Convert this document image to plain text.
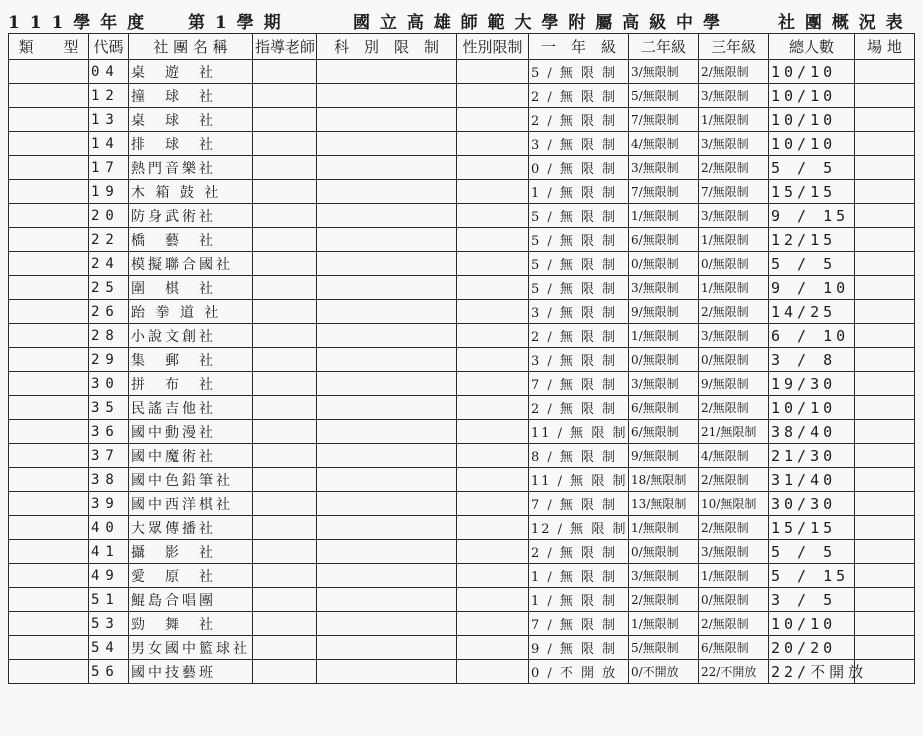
1 1 1 學 年 度 第 1 學 期	國 立 高 雄 師 範 大 學 附 屬 高 級 中 學	社 團 概 況 表
類　　型	代碼	社 團 名 稱	指導老師	科　別　限　制	性別限制	一　年　級	二年級	三年級	總人數	場 地
	04	桌　遊　社				5 / 無 限 制	3/無限制	2/無限制	10/10	
	12	撞　球　社				2 / 無 限 制	5/無限制	3/無限制	10/10	
	13	桌　球　社				2 / 無 限 制	7/無限制	1/無限制	10/10	
	14	排　球　社				3 / 無 限 制	4/無限制	3/無限制	10/10	
	17	熱門音樂社				0 / 無 限 制	3/無限制	2/無限制	5 / 5	
	19	木 箱 鼓 社				1 / 無 限 制	7/無限制	7/無限制	15/15	
	20	防身武術社				5 / 無 限 制	1/無限制	3/無限制	9 / 15	
	22	橋　藝　社				5 / 無 限 制	6/無限制	1/無限制	12/15	
	24	模擬聯合國社				5 / 無 限 制	0/無限制	0/無限制	5 / 5	
	25	圍　棋　社				5 / 無 限 制	3/無限制	1/無限制	9 / 10	
	26	跆 拳 道 社				3 / 無 限 制	9/無限制	2/無限制	14/25	
	28	小說文創社				2 / 無 限 制	1/無限制	3/無限制	6 / 10	
	29	集　郵　社				3 / 無 限 制	0/無限制	0/無限制	3 / 8	
	30	拼　布　社				7 / 無 限 制	3/無限制	9/無限制	19/30	
	35	民謠吉他社				2 / 無 限 制	6/無限制	2/無限制	10/10	
	36	國中動漫社				11 / 無 限 制	6/無限制	21/無限制	38/40	
	37	國中魔術社				8 / 無 限 制	9/無限制	4/無限制	21/30	
	38	國中色鉛筆社				11 / 無 限 制	18/無限制	2/無限制	31/40	
	39	國中西洋棋社				7 / 無 限 制	13/無限制	10/無限制	30/30	
	40	大眾傳播社				12 / 無 限 制	1/無限制	2/無限制	15/15	
	41	攝　影　社				2 / 無 限 制	0/無限制	3/無限制	5 / 5	
	49	愛　原　社				1 / 無 限 制	3/無限制	1/無限制	5 / 15	
	51	鯤島合唱團				1 / 無 限 制	2/無限制	0/無限制	3 / 5	
	53	勁　舞　社				7 / 無 限 制	1/無限制	2/無限制	10/10	
	54	男女國中籃球社				9 / 無 限 制	5/無限制	6/無限制	20/20	
	56	國中技藝班				0 / 不 開 放	0/不開放	22/不開放	22/不開放	
